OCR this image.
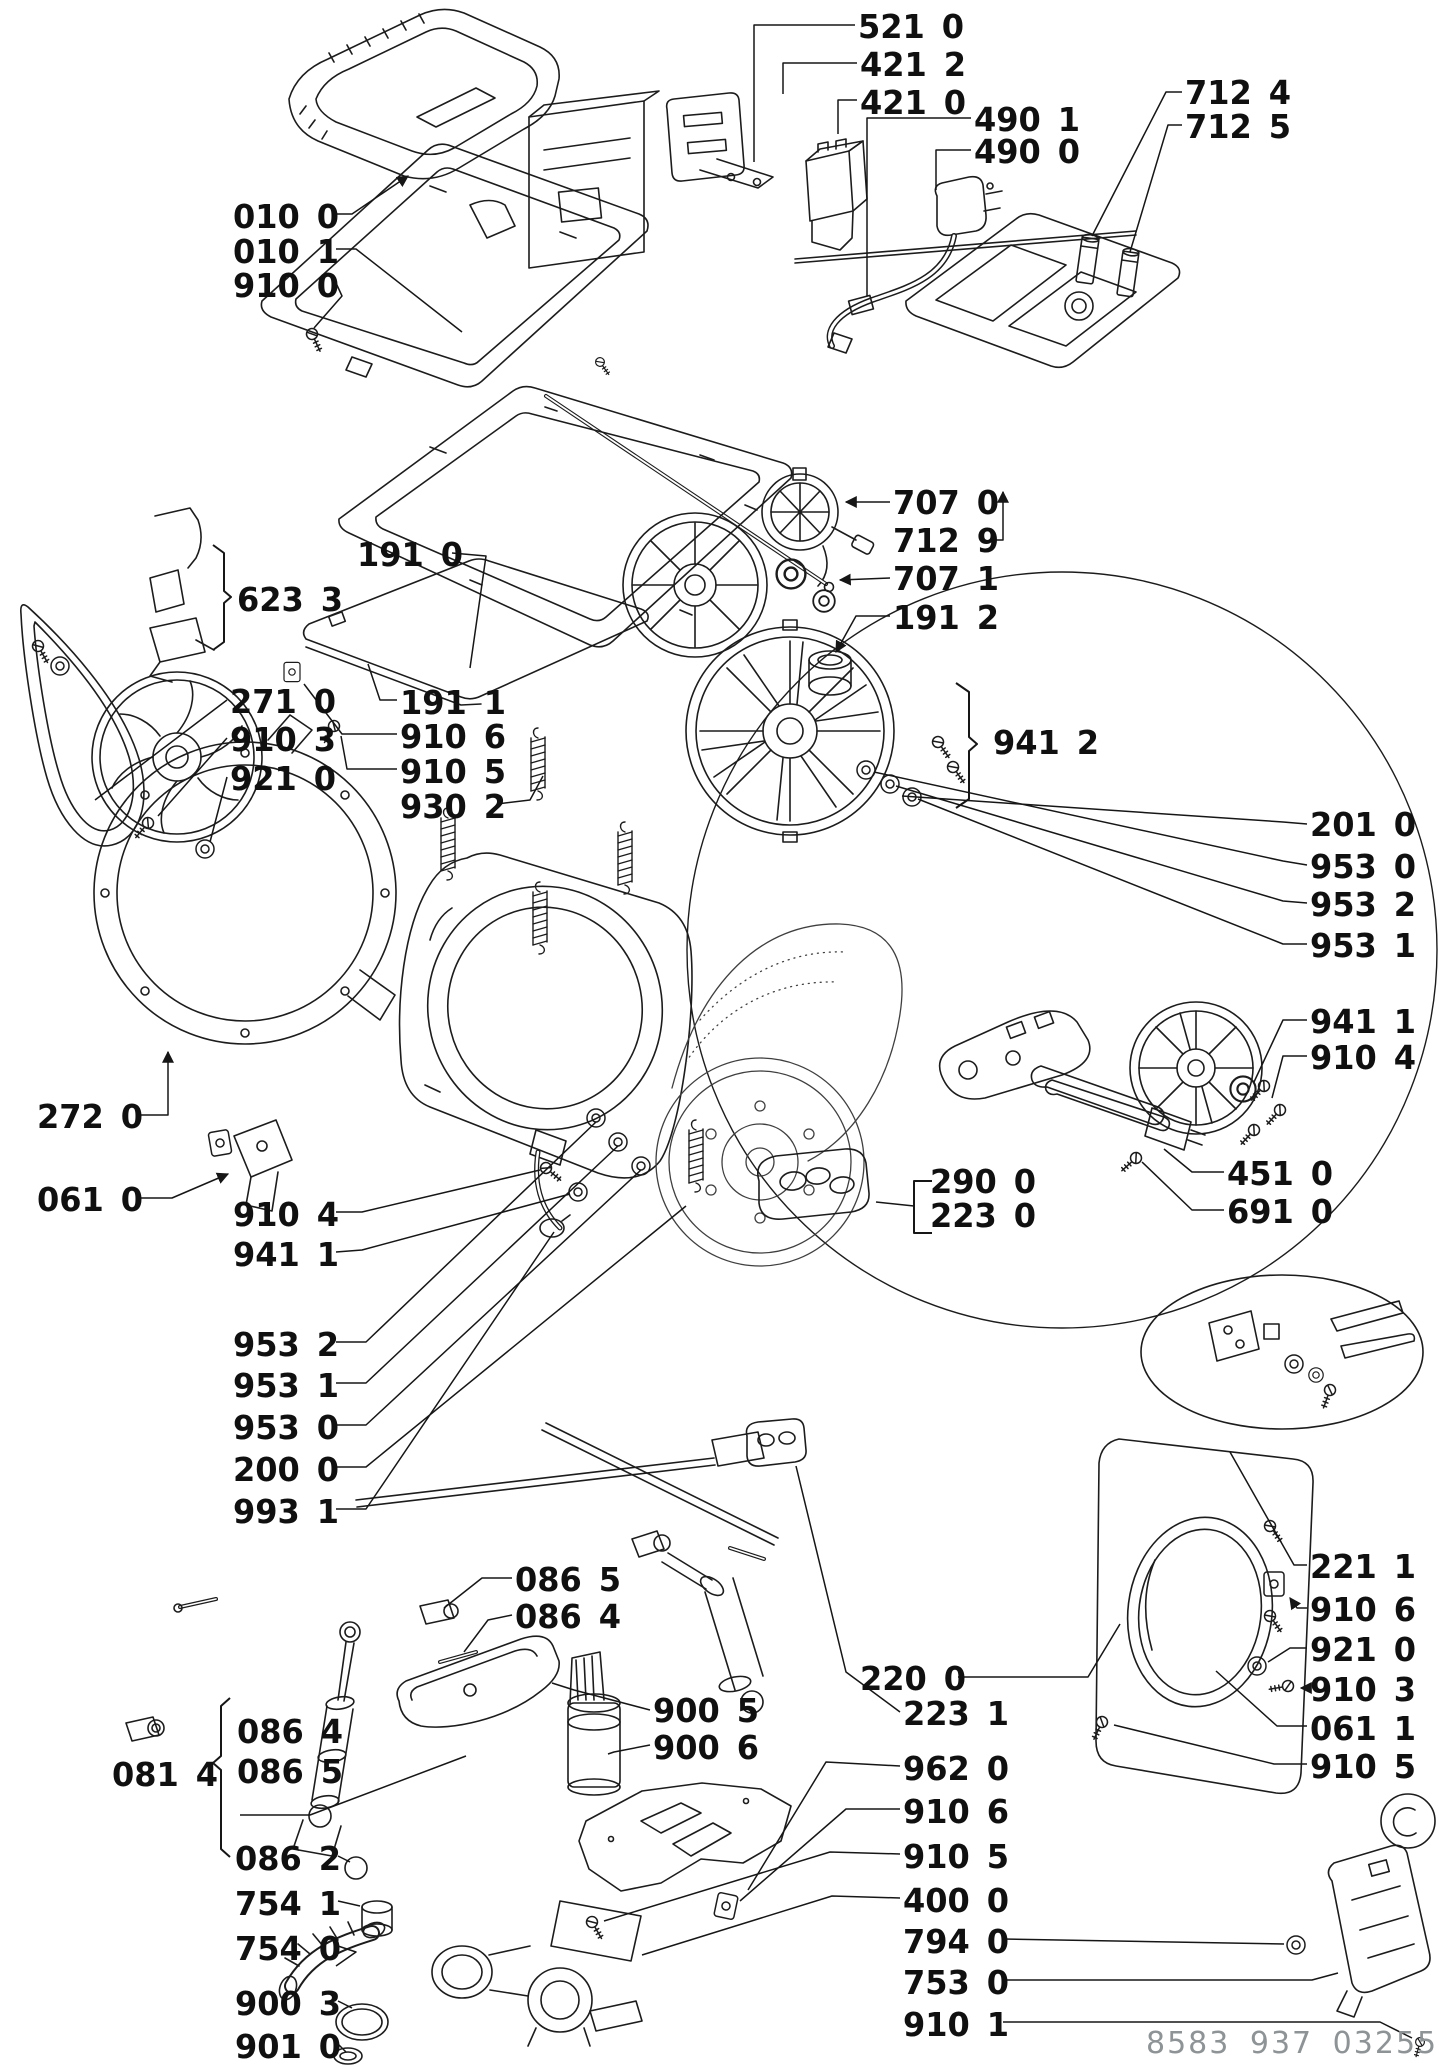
010 0
010 1
910 0
521 0
421 2
421 0 490 1
490 0
712 4
712 5
191 0
623 3
271 0
910 3
921 0
707 0
712 9
707 1
191 2
941 2
201 0
953 0
953 2
953 1
941 1
910 4
451 0
691 0
272 0
061 0	910 4
941 1
953 2
953 1
953 0
200 0
993 1
290 0
223 0
086 5
086 4
900 5
900 6
220 0
223 1
962 0
910 6
910 5
400 0
794 0
753 0
910 1
086 2
754 1
754 0
900 3
901 0
081 4
086 4
086 5
221 1
910 6
921 0
910 3
061 1
910 5
191 1
910 6
910 5
930 2
8583 937 03255
